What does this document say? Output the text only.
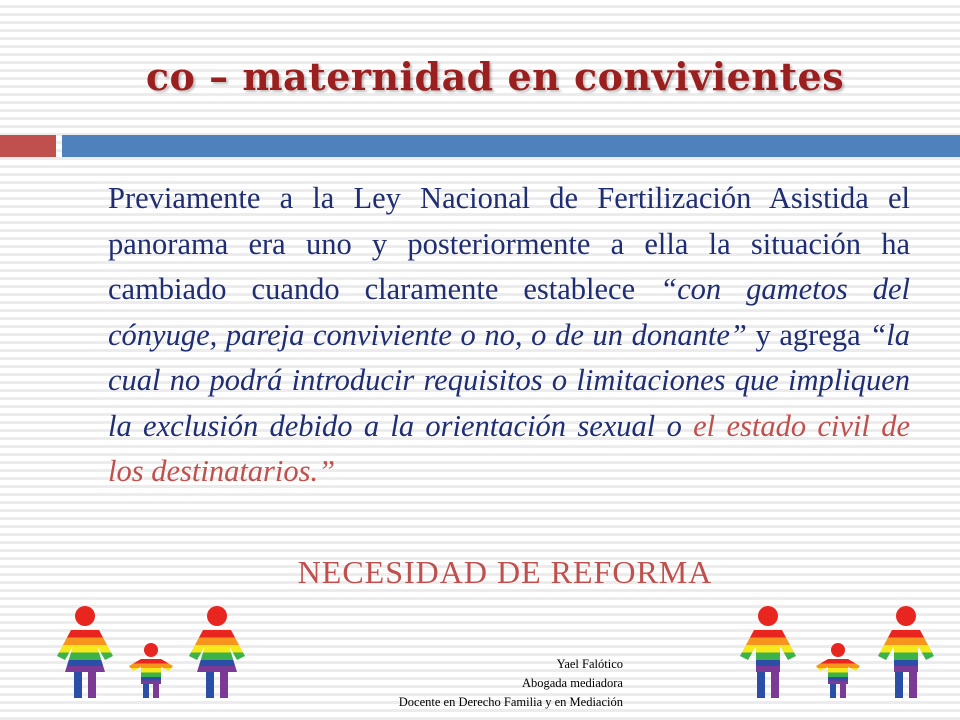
co – maternidad en convivientes
Previamente a la Ley Nacional de Fertilización Asistida el panorama era uno y posteriormente a ella la situación ha cambiado cuando claramente establece “con gametos del cónyuge, pareja conviviente o no, o de un donante” y agrega “la cual no podrá introducir requisitos o limitaciones que impliquen la exclusión debido a la orientación sexual o el estado civil de los destinatarios.”
NECESIDAD DE REFORMA
Yael Falótico
Abogada mediadora
Docente en Derecho Familia y en Mediación
